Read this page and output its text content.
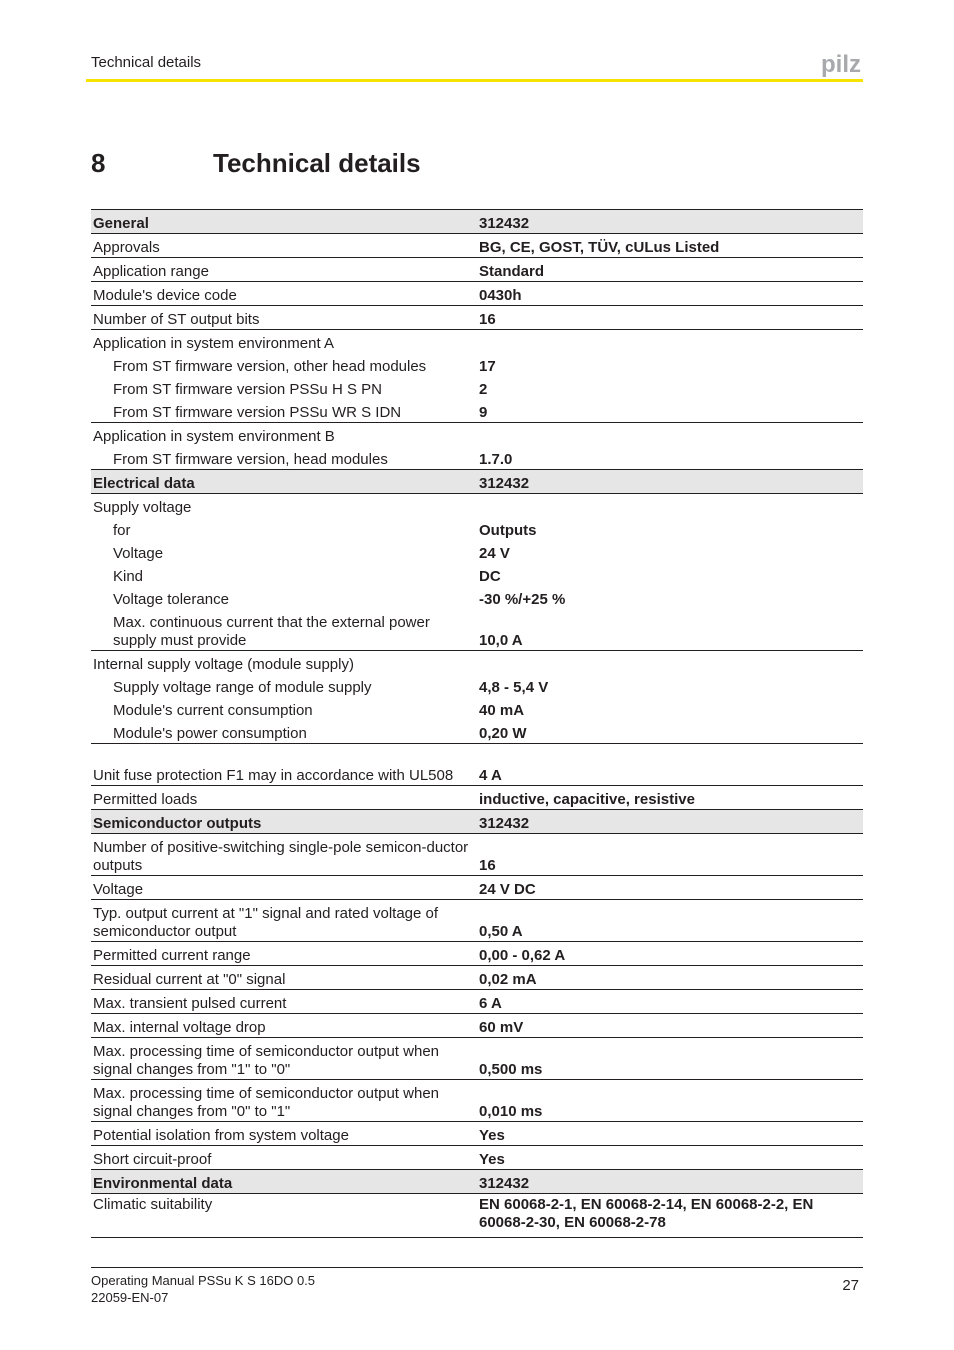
Technical details	pilz
8	Technical details
General	312432
Approvals	BG, CE, GOST, TÜV, cULus Listed
Application range	Standard
Module's device code	0430h
Number of ST output bits	16
Application in system environment A	
From ST firmware version, other head modules	17
From ST firmware version PSSu H S PN	2
From ST firmware version PSSu WR S IDN	9
Application in system environment B	
From ST firmware version, head modules	1.7.0
Electrical data	312432
Supply voltage	
for	Outputs
Voltage	24 V
Kind	DC
Voltage tolerance	-30 %/+25 %
Max. continuous current that the external power supply must provide	10,0 A
Internal supply voltage (module supply)	
Supply voltage range of module supply	4,8 - 5,4 V
Module's current consumption	40 mA
Module's power consumption	0,20 W
Unit fuse protection F1 may in accordance with UL508	4 A
Permitted loads	inductive, capacitive, resistive
Semiconductor outputs	312432
Number of positive-switching single-pole semicon-ductor outputs	16
Voltage	24 V DC
Typ. output current at "1" signal and rated voltage of semiconductor output	0,50 A
Permitted current range	0,00 - 0,62 A
Residual current at "0" signal	0,02 mA
Max. transient pulsed current	6 A
Max. internal voltage drop	60 mV
Max. processing time of semiconductor output when signal changes from "1" to "0"	0,500 ms
Max. processing time of semiconductor output when signal changes from "0" to "1"	0,010 ms
Potential isolation from system voltage	Yes
Short circuit-proof	Yes
Environmental data	312432
Climatic suitability	EN 60068-2-1, EN 60068-2-14, EN 60068-2-2, EN 60068-2-30, EN 60068-2-78
Operating Manual PSSu K S 16DO 0.5
22059-EN-07
27
